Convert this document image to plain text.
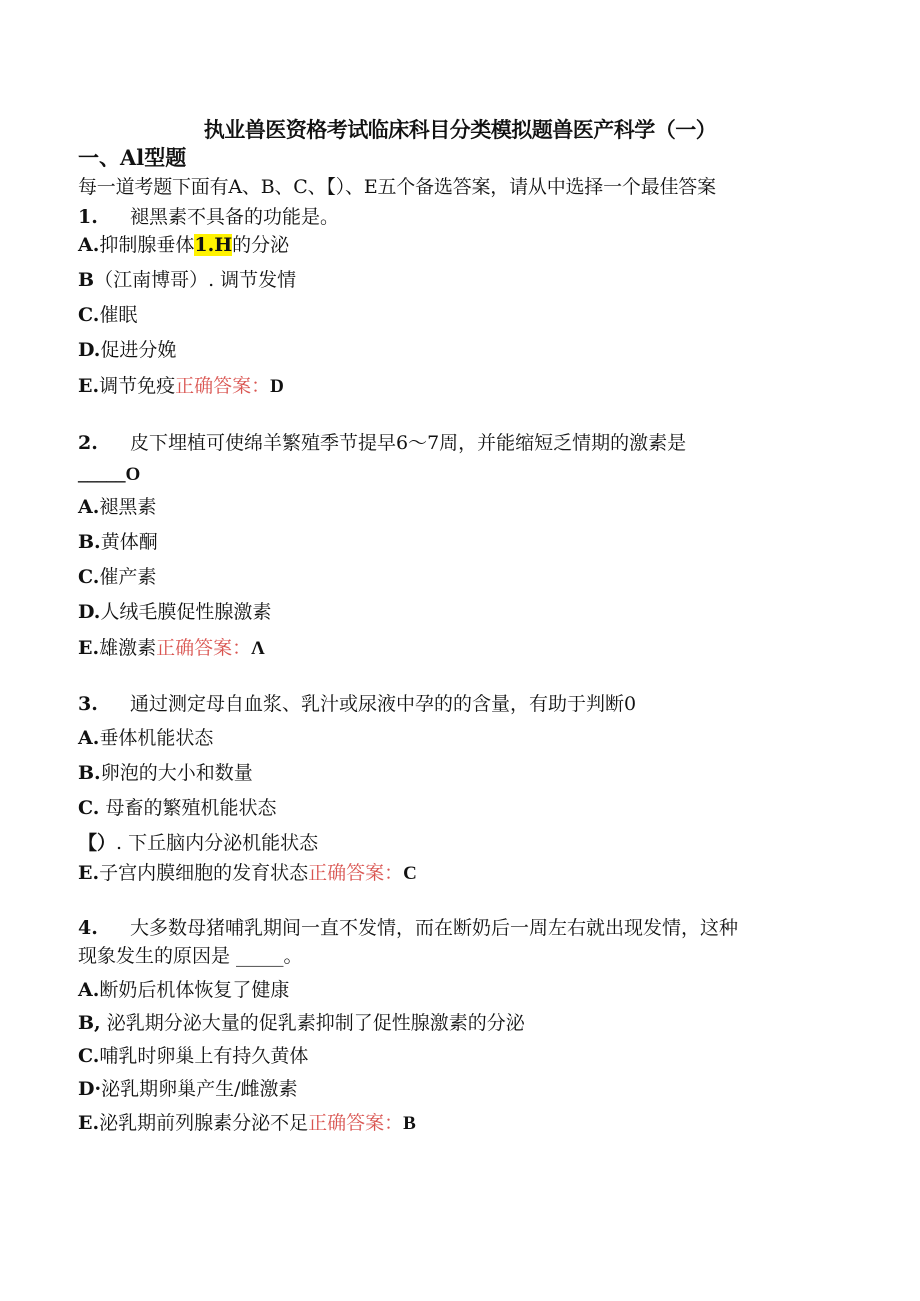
执业兽医资格考试临床科目分类模拟题兽医产科学（一）
一、Al型题
每一道考题下面有A、B、C、【）、E五个备选答案，请从中选择一个最佳答案
1. 褪黑素不具备的功能是。
A.抑制腺垂体1.H的分泌
B（江南博哥）. 调节发情
C.催眠
D.促进分娩
E.调节免疫正确答案：D
2. 皮下埋植可使绵羊繁殖季节提早6～7周，并能缩短乏情期的激素是
_____O
A.褪黑素
B.黄体酮
C.催产素
D.人绒毛膜促性腺激素
E.雄激素正确答案：Λ
3. 通过测定母自血浆、乳汁或尿液中孕的的含量，有助于判断0
A.垂体机能状态
B.卵泡的大小和数量
C. 母畜的繁殖机能状态
【）. 下丘脑内分泌机能状态
E.子宫内膜细胞的发育状态正确答案：C
4. 大多数母猪哺乳期间一直不发情，而在断奶后一周左右就出现发情，这种
现象发生的原因是 _____。
A.断奶后机体恢复了健康
B, 泌乳期分泌大量的促乳素抑制了促性腺激素的分泌
C.哺乳时卵巢上有持久黄体
D·泌乳期卵巢产生/雌激素
E.泌乳期前列腺素分泌不足正确答案：B
